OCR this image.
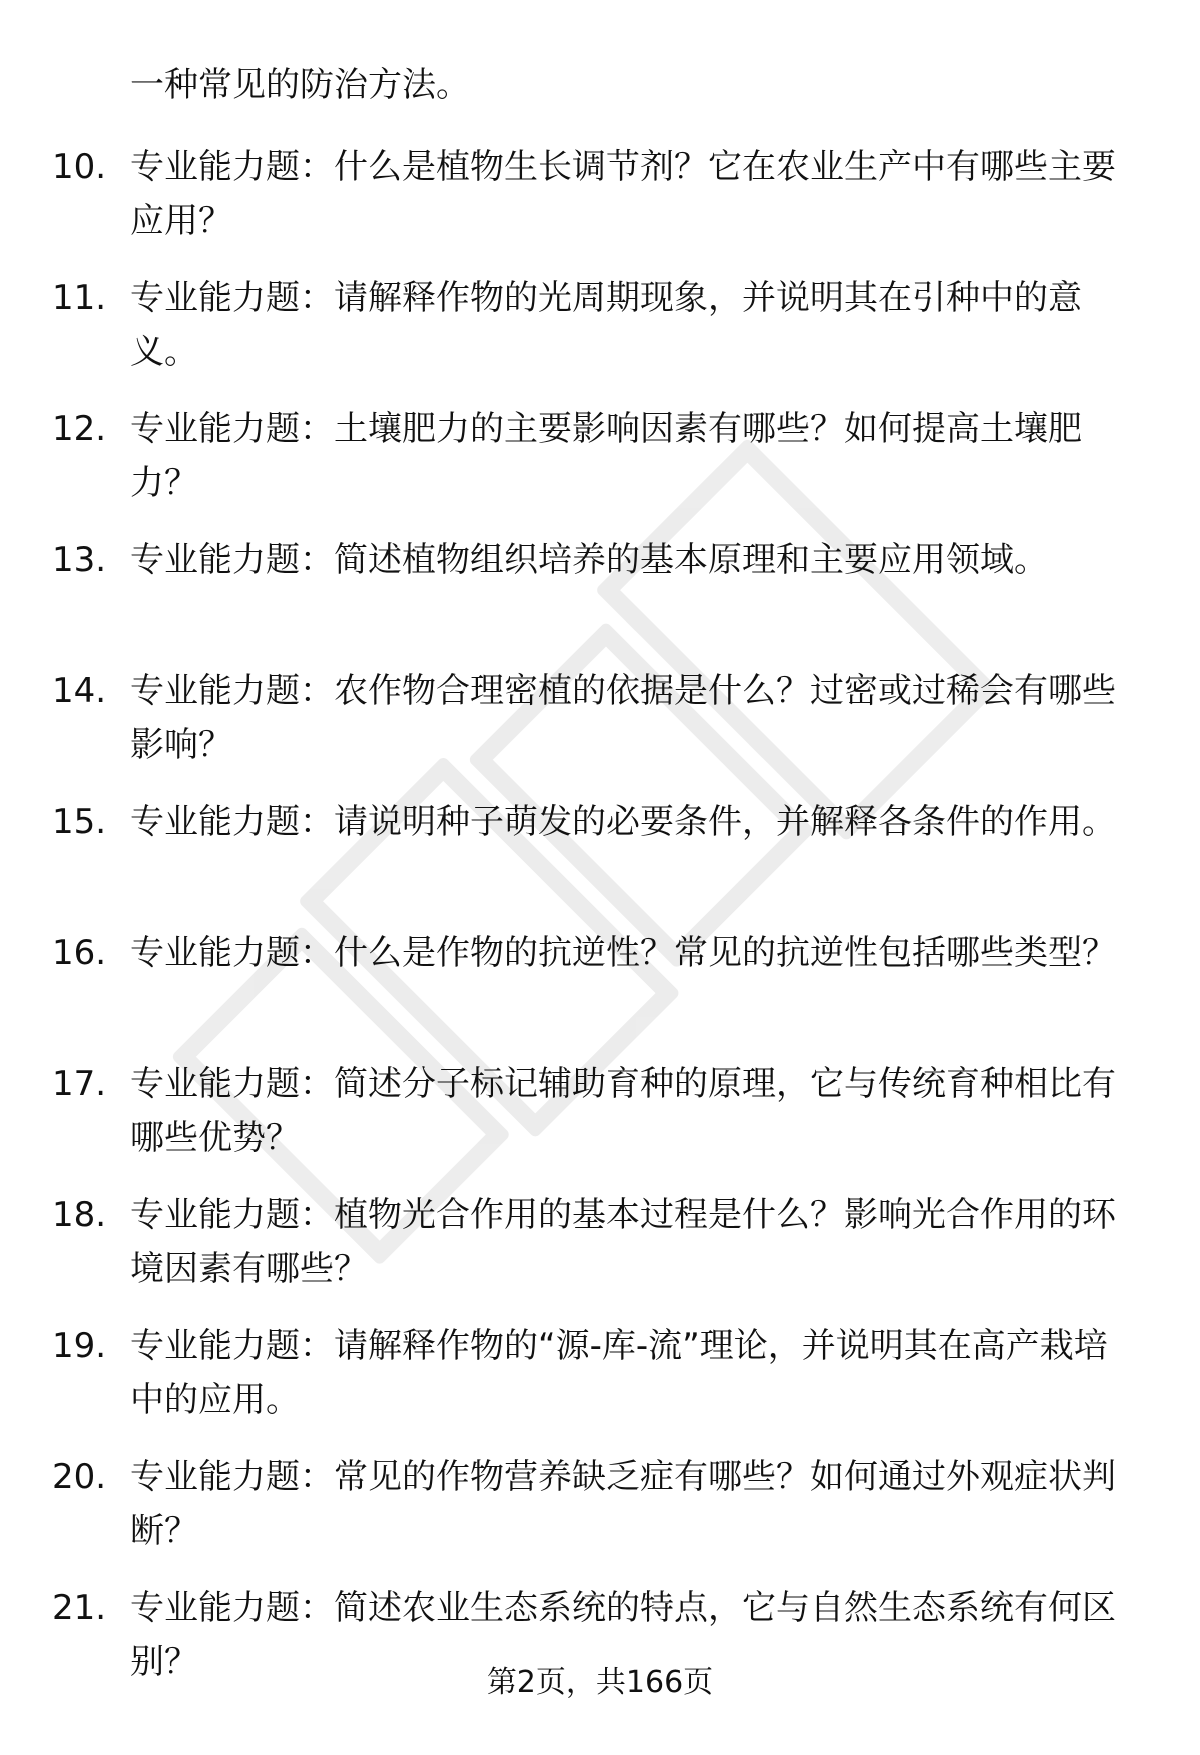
一种常见的防治方法。

10. 专业能力题：什么是植物生长调节剂？它在农业生产中有哪些主要应用？
11. 专业能力题：请解释作物的光周期现象，并说明其在引种中的意义。
12. 专业能力题：土壤肥力的主要影响因素有哪些？如何提高土壤肥力？
13. 专业能力题：简述植物组织培养的基本原理和主要应用领域。
14. 专业能力题：农作物合理密植的依据是什么？过密或过稀会有哪些影响？
15. 专业能力题：请说明种子萌发的必要条件，并解释各条件的作用。
16. 专业能力题：什么是作物的抗逆性？常见的抗逆性包括哪些类型？
17. 专业能力题：简述分子标记辅助育种的原理，它与传统育种相比有哪些优势？
18. 专业能力题：植物光合作用的基本过程是什么？影响光合作用的环境因素有哪些？
19. 专业能力题：请解释作物的“源-库-流”理论，并说明其在高产栽培中的应用。
20. 专业能力题：常见的作物营养缺乏症有哪些？如何通过外观症状判断？
21. 专业能力题：简述农业生态系统的特点，它与自然生态系统有何区别？
第2页，共166页
